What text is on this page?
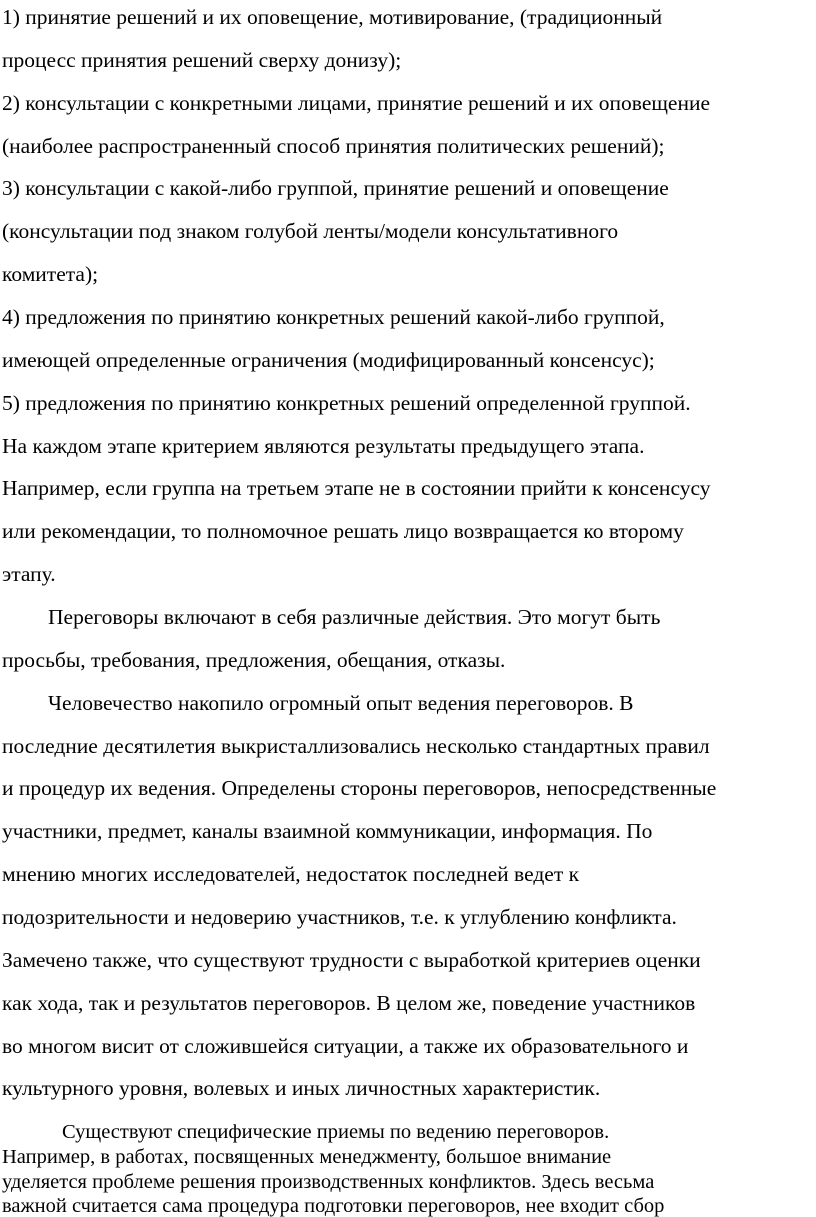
1) принятие решений и их оповещение, мотивирование, (традиционный
процесс принятия решений сверху донизу);
2) консультации с конкретными лицами, принятие решений и их оповещение
(наиболее распространенный способ принятия политических решений);
3) консультации с какой-либо группой, принятие решений и оповещение
(консультации под знаком голубой ленты/модели консультативного
комитета);
4) предложения по принятию конкретных решений какой-либо группой,
имеющей определенные ограничения (модифицированный консенсус);
5) предложения по принятию конкретных решений определенной группой.
На каждом этапе критерием являются результаты предыдущего этапа.
Например, если группа на третьем этапе не в состоянии прийти к консенсусу
или рекомендации, то полномочное решать лицо возвращается ко второму
этапу.
Переговоры включают в себя различные действия. Это могут быть
просьбы, требования, предложения, обещания, отказы.
Человечество накопило огромный опыт ведения переговоров. В
последние десятилетия выкристаллизовались несколько стандартных правил
и процедур их ведения. Определены стороны переговоров, непосредственные
участники, предмет, каналы взаимной коммуникации, информация. По
мнению многих исследователей, недостаток последней ведет к
подозрительности и недоверию участников, т.е. к углублению конфликта.
Замечено также, что существуют трудности с выработкой критериев оценки
как хода, так и результатов переговоров. В целом же, поведение участников
во многом висит от сложившейся ситуации, а также их образовательного и
культурного уровня, волевых и иных личностных характеристик.
Существуют специфические приемы по ведению переговоров.
Например, в работах, посвященных менеджменту, большое внимание
уделяется проблеме решения производственных конфликтов. Здесь весьма
важной считается сама процедура подготовки переговоров, нее входит сбор
